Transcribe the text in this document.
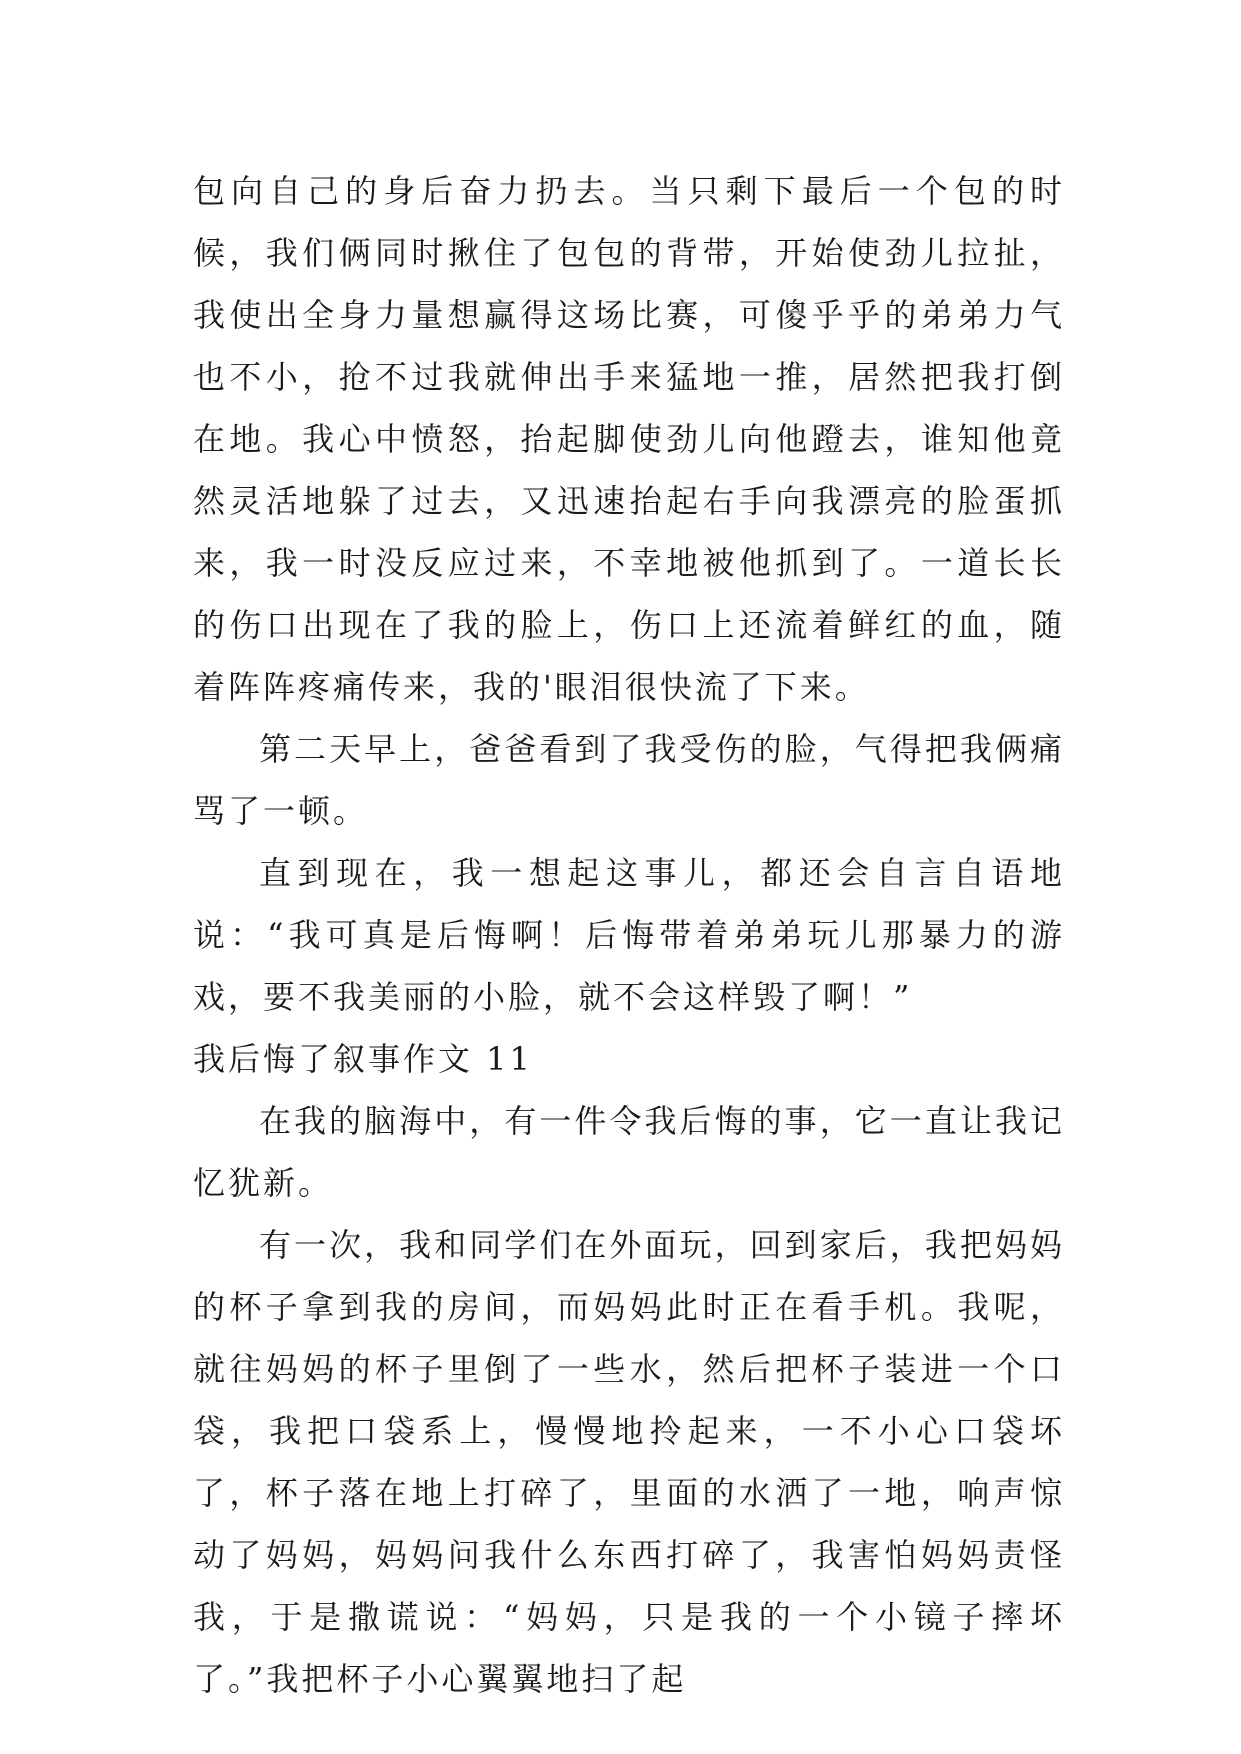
包向自己的身后奋力扔去。当只剩下最后一个包的时候，我们俩同时揪住了包包的背带，开始使劲儿拉扯，我使出全身力量想赢得这场比赛，可傻乎乎的弟弟力气也不小，抢不过我就伸出手来猛地一推，居然把我打倒在地。我心中愤怒，抬起脚使劲儿向他蹬去，谁知他竟然灵活地躲了过去，又迅速抬起右手向我漂亮的脸蛋抓来，我一时没反应过来，不幸地被他抓到了。一道长长的伤口出现在了我的脸上，伤口上还流着鲜红的血，随着阵阵疼痛传来，我的'眼泪很快流了下来。

第二天早上，爸爸看到了我受伤的脸，气得把我俩痛骂了一顿。

直到现在，我一想起这事儿，都还会自言自语地说：“我可真是后悔啊！后悔带着弟弟玩儿那暴力的游戏，要不我美丽的小脸，就不会这样毁了啊！”

我后悔了叙事作文 11

在我的脑海中，有一件令我后悔的事，它一直让我记忆犹新。

有一次，我和同学们在外面玩，回到家后，我把妈妈的杯子拿到我的房间，而妈妈此时正在看手机。我呢，就往妈妈的杯子里倒了一些水，然后把杯子装进一个口袋，我把口袋系上，慢慢地拎起来，一不小心口袋坏了，杯子落在地上打碎了，里面的水洒了一地，响声惊动了妈妈，妈妈问我什么东西打碎了，我害怕妈妈责怪我，于是撒谎说：“妈妈，只是我的一个小镜子摔坏了。”我把杯子小心翼翼地扫了起
